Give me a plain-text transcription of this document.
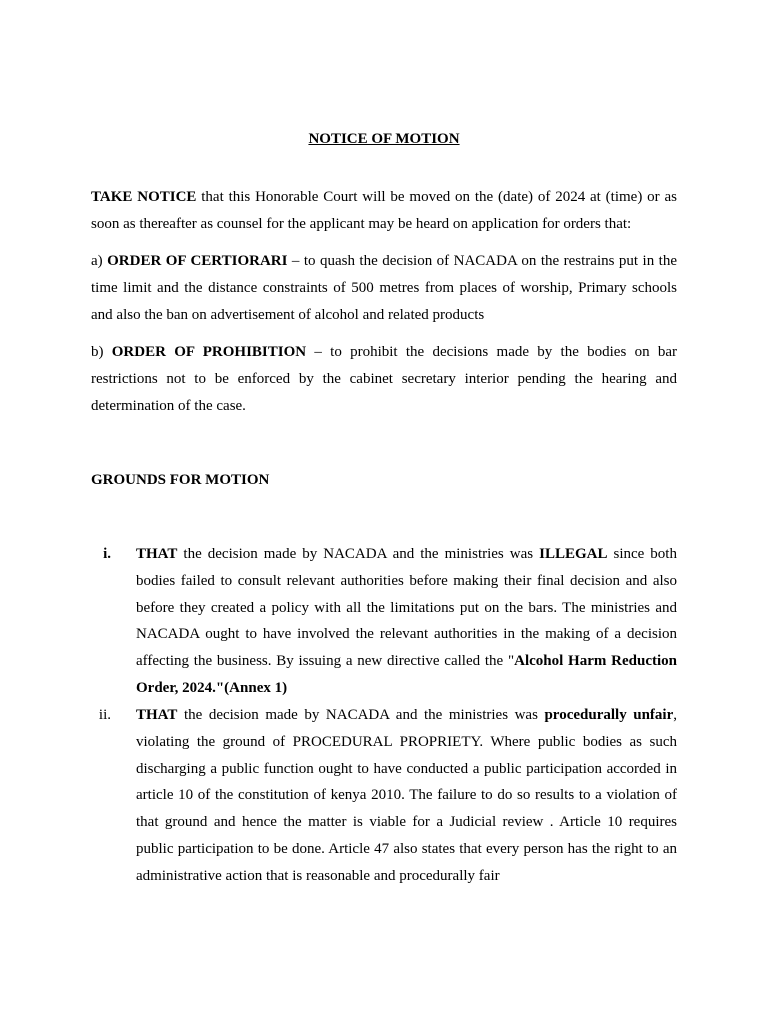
NOTICE OF MOTION
TAKE NOTICE that this Honorable Court will be moved on the (date) of 2024 at (time) or as soon as thereafter as counsel for the applicant may be heard on application for orders that:
a) ORDER OF CERTIORARI – to quash the decision of NACADA on the restrains put in the time limit and the distance constraints of 500 metres from places of worship, Primary schools and also the ban on advertisement of alcohol and related products
b) ORDER OF PROHIBITION – to prohibit the decisions made by the bodies on bar restrictions not to be enforced by the cabinet secretary interior pending the hearing and determination of the case.
GROUNDS FOR MOTION
i. THAT the decision made by NACADA and the ministries was ILLEGAL since both bodies failed to consult relevant authorities before making their final decision and also before they created a policy with all the limitations put on the bars. The ministries and NACADA ought to have involved the relevant authorities in the making of a decision affecting the business. By issuing a new directive called the "Alcohol Harm Reduction Order, 2024."(Annex 1)
ii. THAT the decision made by NACADA and the ministries was procedurally unfair, violating the ground of PROCEDURAL PROPRIETY. Where public bodies as such discharging a public function ought to have conducted a public participation accorded in article 10 of the constitution of kenya 2010. The failure to do so results to a violation of that ground and hence the matter is viable for a Judicial review . Article 10 requires public participation to be done. Article 47 also states that every person has the right to an administrative action that is reasonable and procedurally fair
